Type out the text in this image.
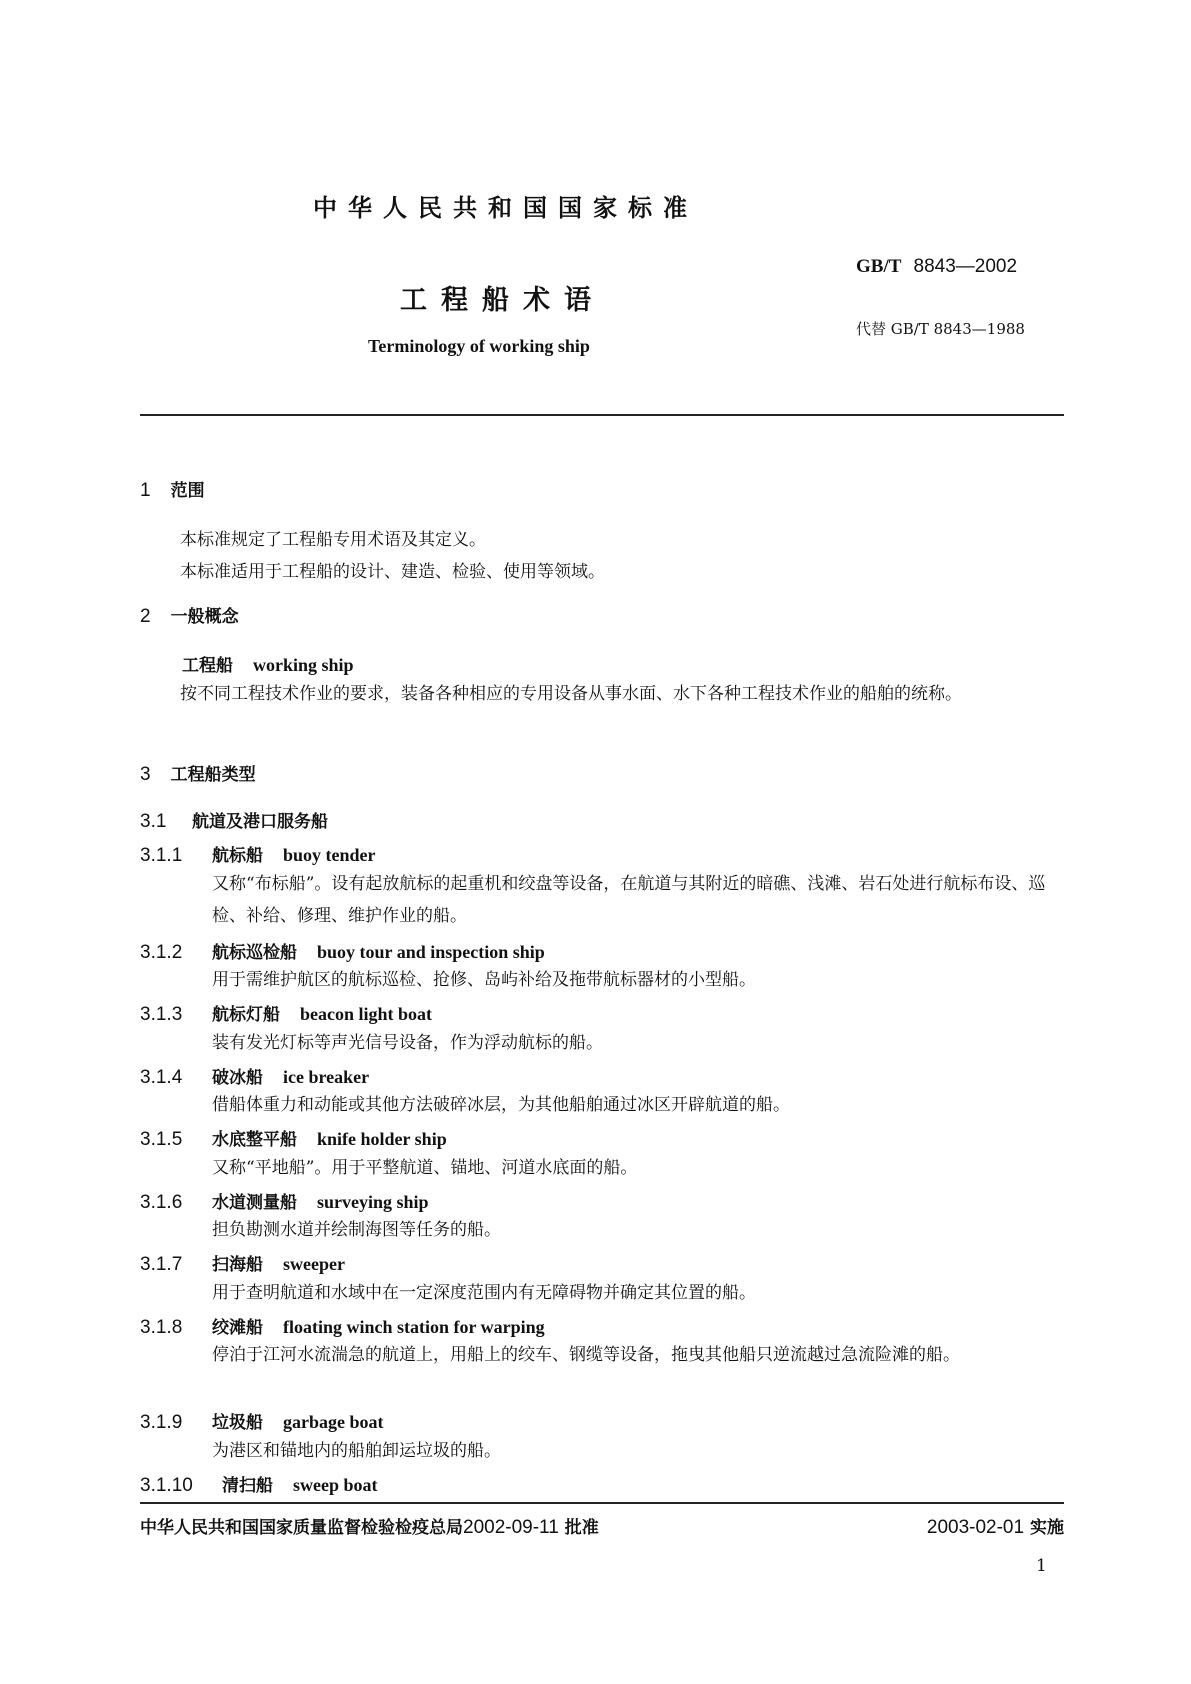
中华人民共和国国家标准
工程船术语
Terminology of working ship
GB/T 8843—2002
代替 GB/T 8843—1988
1 范围
本标准规定了工程船专用术语及其定义。
本标准适用于工程船的设计、建造、检验、使用等领域。
2 一般概念
工程船 working ship
按不同工程技术作业的要求，装备各种相应的专用设备从事水面、水下各种工程技术作业的船舶的统称。
3 工程船类型
3.1 航道及港口服务船
3.1.1 航标船 buoy tender
又称“布标船”。设有起放航标的起重机和绞盘等设备，在航道与其附近的暗礁、浅滩、岩石处进行航标布设、巡检、补给、修理、维护作业的船。
3.1.2 航标巡检船 buoy tour and inspection ship
用于需维护航区的航标巡检、抢修、岛屿补给及拖带航标器材的小型船。
3.1.3 航标灯船 beacon light boat
装有发光灯标等声光信号设备，作为浮动航标的船。
3.1.4 破冰船 ice breaker
借船体重力和动能或其他方法破碎冰层，为其他船舶通过冰区开辟航道的船。
3.1.5 水底整平船 knife holder ship
又称“平地船”。用于平整航道、锚地、河道水底面的船。
3.1.6 水道测量船 surveying ship
担负勘测水道并绘制海图等任务的船。
3.1.7 扫海船 sweeper
用于查明航道和水域中在一定深度范围内有无障碍物并确定其位置的船。
3.1.8 绞滩船 floating winch station for warping
停泊于江河水流湍急的航道上，用船上的绞车、钢缆等设备，拖曳其他船只逆流越过急流险滩的船。
3.1.9 垃圾船 garbage boat
为港区和锚地内的船舶卸运垃圾的船。
3.1.10 清扫船 sweep boat
中华人民共和国国家质量监督检验检疫总局2002-09-11 批准	2003-02-01 实施
1
